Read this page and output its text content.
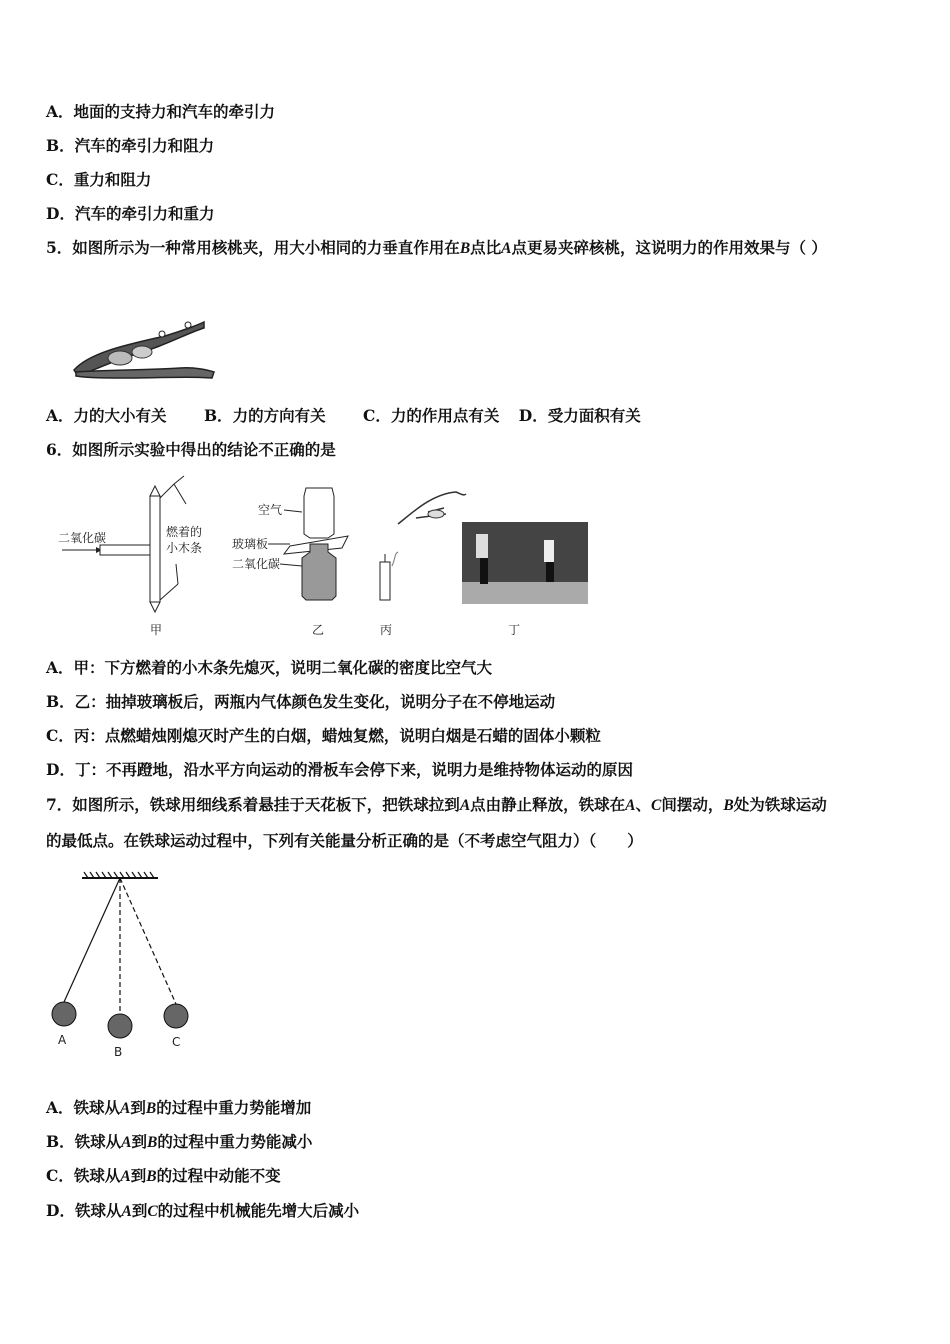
A．地面的支持力和汽车的牵引力
B．汽车的牵引力和阻力
C．重力和阻力
D．汽车的牵引力和重力
5．如图所示为一种常用核桃夹，用大小相同的力垂直作用在B点比A点更易夹碎核桃，这说明力的作用效果与（ ）
A．力的大小有关 B．力的方向有关 C．力的作用点有关 D．受力面积有关
6．如图所示实验中得出的结论不正确的是
二氧化碳	燃着的
小木条
甲
空气
玻璃板
二氧化碳
乙	丙	丁
A．甲：下方燃着的小木条先熄灭，说明二氧化碳的密度比空气大
B．乙：抽掉玻璃板后，两瓶内气体颜色发生变化，说明分子在不停地运动
C．丙：点燃蜡烛刚熄灭时产生的白烟，蜡烛复燃，说明白烟是石蜡的固体小颗粒
D．丁：不再蹬地，沿水平方向运动的滑板车会停下来，说明力是维持物体运动的原因
7．如图所示，铁球用细线系着悬挂于天花板下，把铁球拉到A点由静止释放，铁球在A、C间摆动，B处为铁球运动
的最低点。在铁球运动过程中，下列有关能量分析正确的是（不考虑空气阻力）（　　）
A
B
C
A．铁球从A到B的过程中重力势能增加
B．铁球从A到B的过程中重力势能减小
C．铁球从A到B的过程中动能不变
D．铁球从A到C的过程中机械能先增大后减小
